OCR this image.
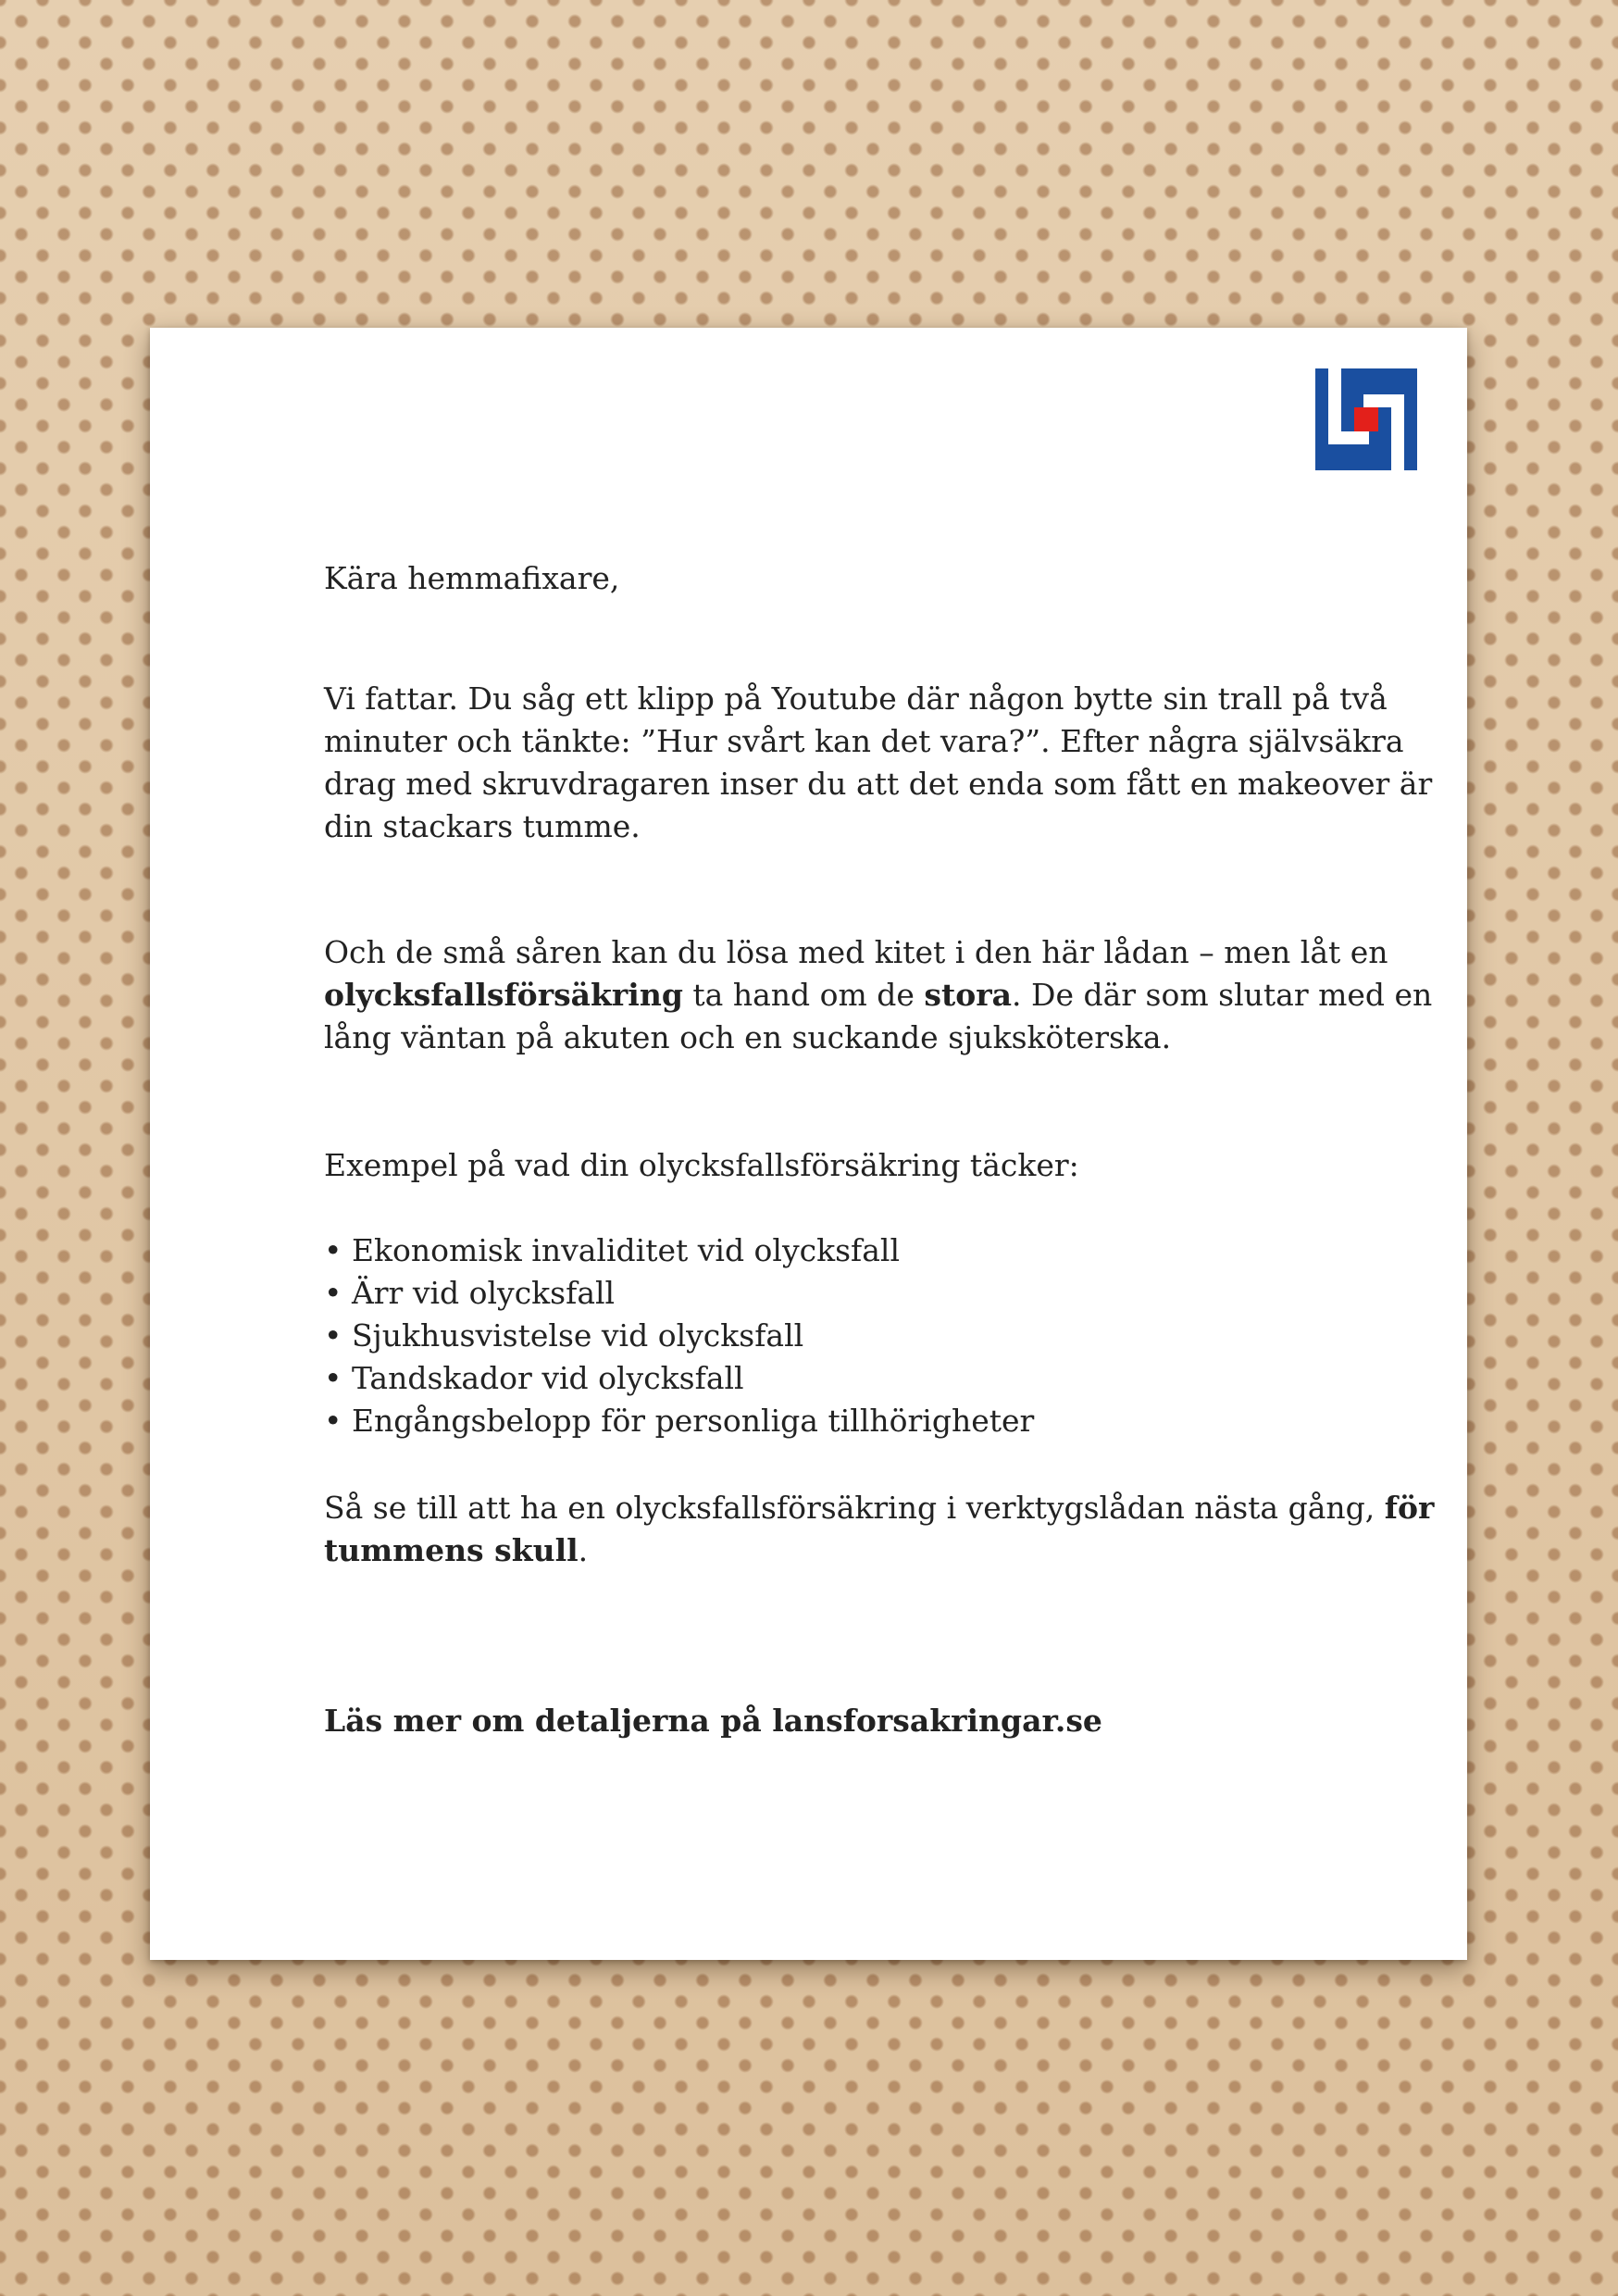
Kära hemmafixare,

Vi fattar. Du såg ett klipp på Youtube där någon bytte sin trall på två minuter och tänkte: ”Hur svårt kan det vara?”. Efter några självsäkra drag med skruvdragaren inser du att det enda som fått en makeover är din stackars tumme.

Och de små såren kan du lösa med kitet i den här lådan – men låt en olycksfallsförsäkring ta hand om de stora. De där som slutar med en lång väntan på akuten och en suckande sjuksköterska.

Exempel på vad din olycksfallsförsäkring täcker:

• Ekonomisk invaliditet vid olycksfall
• Ärr vid olycksfall
• Sjukhusvistelse vid olycksfall
• Tandskador vid olycksfall
• Engångsbelopp för personliga tillhörigheter

Så se till att ha en olycksfallsförsäkring i verktygslådan nästa gång, för tummens skull.

Läs mer om detaljerna på lansforsakringar.se
